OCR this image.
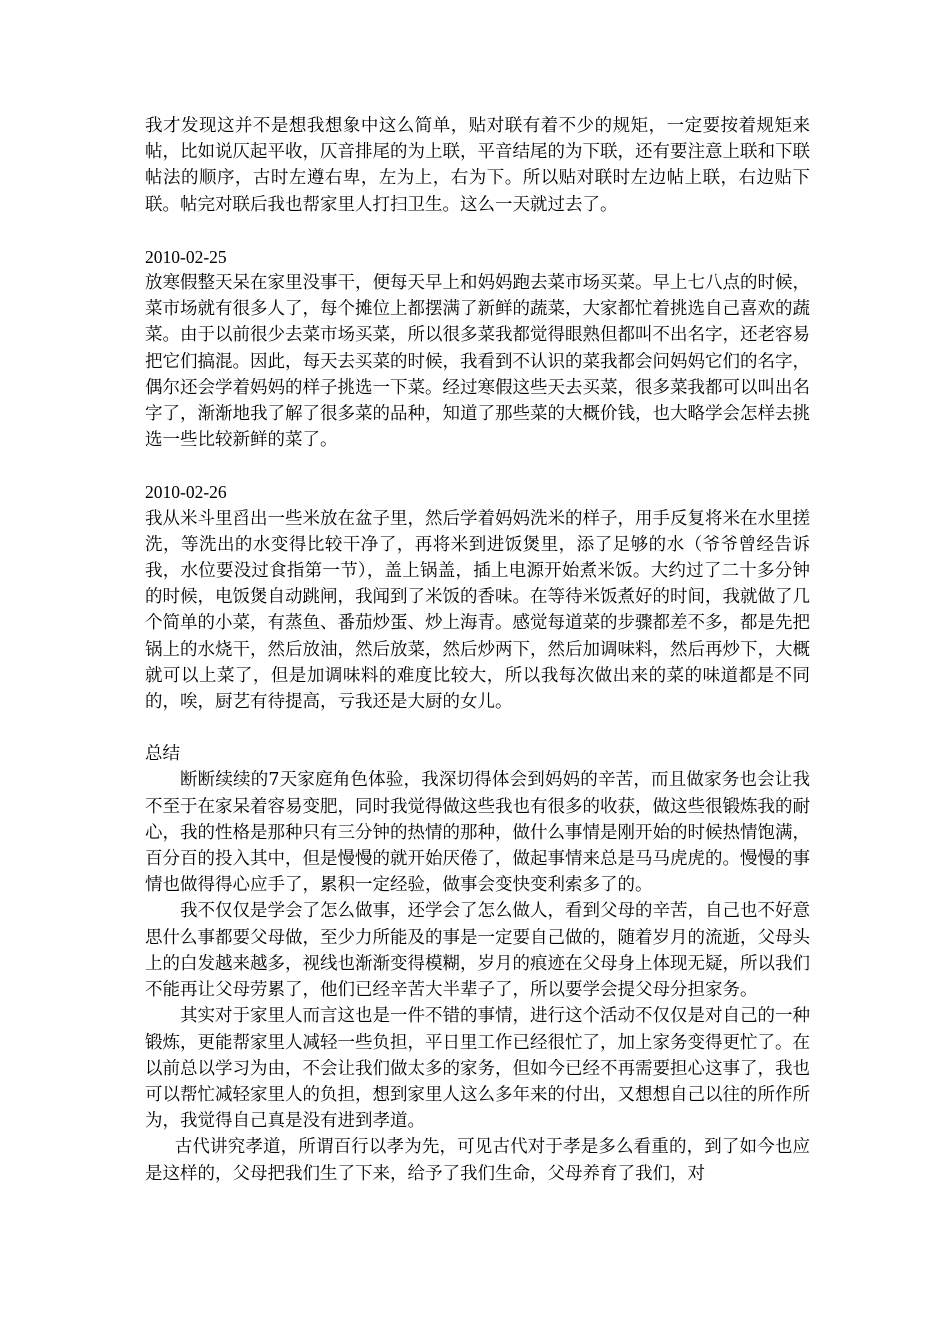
我才发现这并不是想我想象中这么简单，贴对联有着不少的规矩，一定要按着规矩来帖，比如说仄起平收，仄音排尾的为上联，平音结尾的为下联，还有要注意上联和下联帖法的顺序，古时左遵右卑，左为上，右为下。所以贴对联时左边帖上联，右边贴下联。帖完对联后我也帮家里人打扫卫生。这么一天就过去了。

2010-02-25

放寒假整天呆在家里没事干，便每天早上和妈妈跑去菜市场买菜。早上七八点的时候，菜市场就有很多人了，每个摊位上都摆满了新鲜的蔬菜，大家都忙着挑选自己喜欢的蔬菜。由于以前很少去菜市场买菜，所以很多菜我都觉得眼熟但都叫不出名字，还老容易把它们搞混。因此，每天去买菜的时候，我看到不认识的菜我都会问妈妈它们的名字，偶尔还会学着妈妈的样子挑选一下菜。经过寒假这些天去买菜，很多菜我都可以叫出名字了，渐渐地我了解了很多菜的品种，知道了那些菜的大概价钱，也大略学会怎样去挑选一些比较新鲜的菜了。

2010-02-26

我从米斗里舀出一些米放在盆子里，然后学着妈妈洗米的样子，用手反复将米在水里搓洗，等洗出的水变得比较干净了，再将米到进饭煲里，添了足够的水（爷爷曾经告诉我，水位要没过食指第一节），盖上锅盖，插上电源开始煮米饭。大约过了二十多分钟的时候，电饭煲自动跳闸，我闻到了米饭的香味。在等待米饭煮好的时间，我就做了几个简单的小菜，有蒸鱼、番茄炒蛋、炒上海青。感觉每道菜的步骤都差不多，都是先把锅上的水烧干，然后放油，然后放菜，然后炒两下，然后加调味料，然后再炒下，大概就可以上菜了，但是加调味料的难度比较大，所以我每次做出来的菜的味道都是不同的，唉，厨艺有待提高，亏我还是大厨的女儿。

总结

断断续续的7天家庭角色体验，我深切得体会到妈妈的辛苦，而且做家务也会让我不至于在家呆着容易变肥，同时我觉得做这些我也有很多的收获，做这些很锻炼我的耐心，我的性格是那种只有三分钟的热情的那种，做什么事情是刚开始的时候热情饱满，百分百的投入其中，但是慢慢的就开始厌倦了，做起事情来总是马马虎虎的。慢慢的事情也做得得心应手了，累积一定经验，做事会变快变利索多了的。

我不仅仅是学会了怎么做事，还学会了怎么做人，看到父母的辛苦，自己也不好意思什么事都要父母做，至少力所能及的事是一定要自己做的，随着岁月的流逝，父母头上的白发越来越多，视线也渐渐变得模糊，岁月的痕迹在父母身上体现无疑，所以我们不能再让父母劳累了，他们已经辛苦大半辈子了，所以要学会提父母分担家务。

其实对于家里人而言这也是一件不错的事情，进行这个活动不仅仅是对自己的一种锻炼，更能帮家里人减轻一些负担，平日里工作已经很忙了，加上家务变得更忙了。在以前总以学习为由，不会让我们做太多的家务，但如今已经不再需要担心这事了，我也可以帮忙减轻家里人的负担，想到家里人这么多年来的付出，又想想自己以往的所作所为，我觉得自己真是没有进到孝道。

古代讲究孝道，所谓百行以孝为先，可见古代对于孝是多么看重的，到了如今也应是这样的，父母把我们生了下来，给予了我们生命，父母养育了我们，对
